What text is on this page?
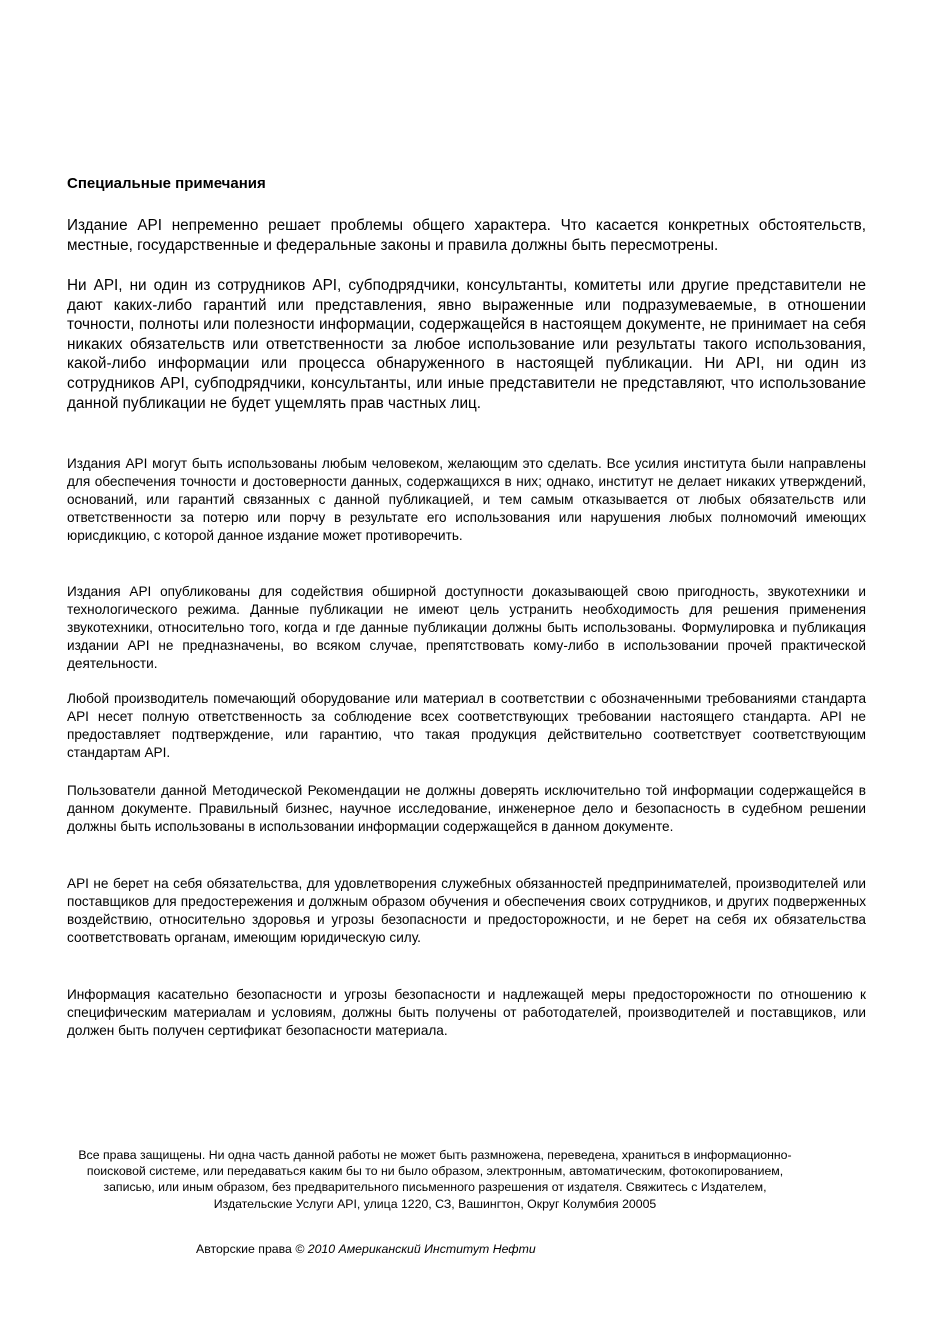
Специальные примечания

Издание API непременно решает проблемы общего характера. Что касается конкретных обстоятельств, местные, государственные и федеральные законы и правила должны быть пересмотрены.

Ни API, ни один из сотрудников API, субподрядчики, консультанты, комитеты или другие представители не дают каких-либо гарантий или представления, явно выраженные или подразумеваемые, в отношении точности, полноты или полезности информации, содержащейся в настоящем документе, не принимает на себя никаких обязательств или ответственности за любое использование или результаты такого использования, какой-либо информации или процесса обнаруженного в настоящей публикации. Ни API, ни один из сотрудников API, субподрядчики, консультанты, или иные представители не представляют, что использование данной публикации не будет ущемлять прав частных лиц.

Издания API могут быть использованы любым человеком, желающим это сделать. Все усилия института были направлены для обеспечения точности и достоверности данных, содержащихся в них; однако, институт не делает никаких утверждений, оснований, или гарантий связанных с данной публикацией, и тем самым отказывается от любых обязательств или ответственности за потерю или порчу в результате его использования или нарушения любых полномочий имеющих юрисдикцию, с которой данное издание может противоречить.

Издания API опубликованы для содействия обширной доступности доказывающей свою пригодность, звукотехники и технологического режима. Данные публикации не имеют цель устранить необходимость для решения применения звукотехники, относительно того, когда и где данные публикации должны быть использованы. Формулировка и публикация издании API не предназначены, во всяком случае, препятствовать кому-либо в использовании прочей практической деятельности.

Любой производитель помечающий оборудование или материал в соответствии с обозначенными требованиями стандарта API несет полную ответственность за соблюдение всех соответствующих требовании настоящего стандарта. API не предоставляет подтверждение, или гарантию, что такая продукция действительно соответствует соответствующим стандартам API.

Пользователи данной Методической Рекомендации не должны доверять исключительно той информации содержащейся в данном документе. Правильный бизнес, научное исследование, инженерное дело и безопасность в судебном решении должны быть использованы в использовании информации содержащейся в данном документе.

API не берет на себя обязательства, для удовлетворения служебных обязанностей предпринимателей, производителей или поставщиков для предостережения и должным образом обучения и обеспечения своих сотрудников, и других подверженных воздействию, относительно здоровья и угрозы безопасности и предосторожности, и не берет на себя их обязательства соответствовать органам, имеющим юридическую силу.

Информация касательно безопасности и угрозы безопасности и надлежащей меры предосторожности по отношению к специфическим материалам и условиям, должны быть получены от работодателей, производителей и поставщиков, или должен быть получен сертификат безопасности материала.

Все права защищены. Ни одна часть данной работы не может быть размножена, переведена, храниться в информационно-поисковой системе, или передаваться каким бы то ни было образом, электронным, автоматическим, фотокопированием, записью, или иным образом, без предварительного письменного разрешения от издателя. Свяжитесь с Издателем, Издательские Услуги API, улица 1220, СЗ, Вашингтон, Округ Колумбия 20005

Авторские права © 2010 Американский Институт Нефти
